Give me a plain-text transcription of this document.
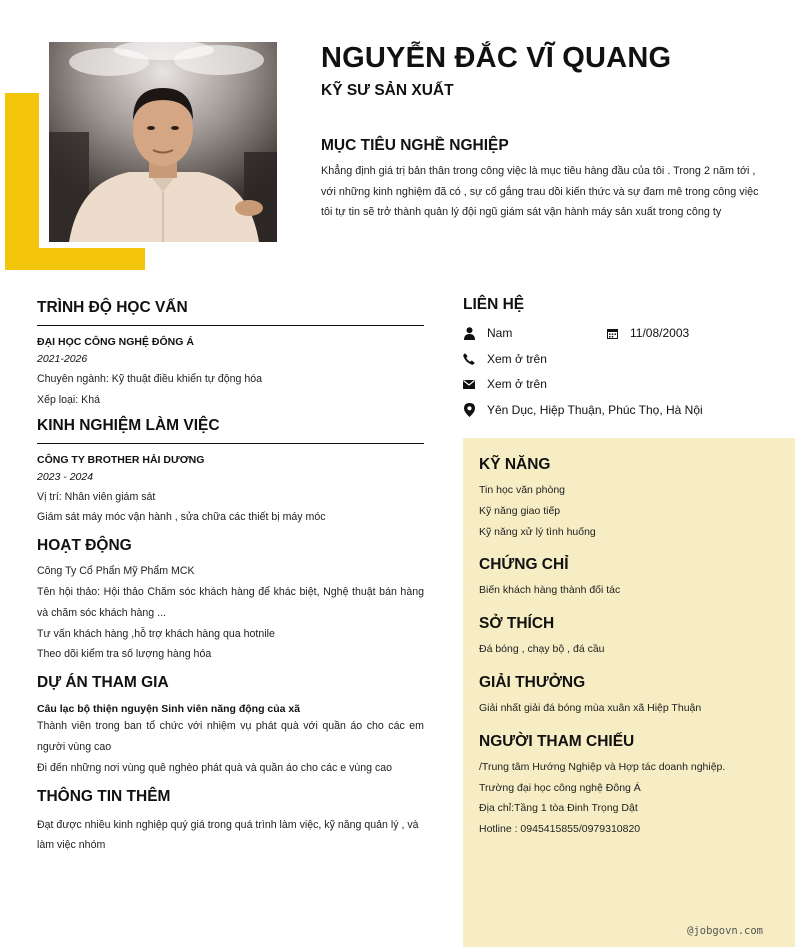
NGUYỄN ĐẮC VĨ QUANG
KỸ SƯ SẢN XUẤT
MỤC TIÊU NGHỀ NGHIỆP
Khẳng định giá trị bản thân trong công việc là mục tiêu hàng đầu của tôi . Trong 2 năm tới , với những kinh nghiệm đã có , sự cố gắng trau dồi kiến thức và sự đam mê trong công việc tôi tự tin sẽ trở thành quản lý đội ngũ giám sát vận hành máy sản xuất trong công ty
TRÌNH ĐỘ HỌC VẤN
ĐẠI HỌC CÔNG NGHỆ ĐÔNG Á
2021-2026
Chuyên ngành: Kỹ thuật điều khiển tự động hóa
Xếp loại: Khá
KINH NGHIỆM LÀM VIỆC
CÔNG TY BROTHER HẢI DƯƠNG
2023 - 2024
Vị trí: Nhân viên giám sát
Giám sát máy móc vận hành , sửa chữa các thiết bị máy móc
HOẠT ĐỘNG
Công Ty Cổ Phẩn Mỹ Phẩm MCK
Tên hội thảo: Hội thảo Chăm sóc khách hàng để khác biệt, Nghệ thuật bán hàng và chăm sóc khách hàng ...
Tư vấn khách hàng ,hỗ trợ khách hàng qua hotnile
Theo dõi kiểm tra số lượng hàng hóa
DỰ ÁN THAM GIA
Câu lạc bộ thiện nguyện Sinh viên năng động của xã
Thành viên trong ban tổ chức với nhiệm vụ phát quà với quần áo cho các em người vùng cao
Đi đến những nơi vùng quê nghèo phát quà và quần áo cho các e vùng cao
THÔNG TIN THÊM
Đạt được nhiều kinh nghiệp quý giá trong quá trình làm việc, kỹ năng quản lý , và làm việc nhóm
LIÊN HỆ
Nam	11/08/2003
Xem ở trên
Xem ở trên
Yên Dục, Hiệp Thuận, Phúc Thọ, Hà Nội
KỸ NĂNG
Tin học văn phòng
Kỹ năng giao tiếp
Kỹ năng xử lý tình huống
CHỨNG CHỈ
Biến khách hàng thành đối tác
SỞ THÍCH
Đá bóng , chạy bộ , đá cầu
GIẢI THƯỞNG
Giải nhất giải đá bóng mùa xuân xã Hiệp Thuận
NGƯỜI THAM CHIẾU
/Trung tâm Hướng Nghiệp và Hợp tác doanh nghiệp.
Trường đại học công nghệ Đông Á
Địa chỉ:Tầng 1 tòa Đinh Trọng Dật
Hotline : 0945415855/0979310820
@jobgovn.com
